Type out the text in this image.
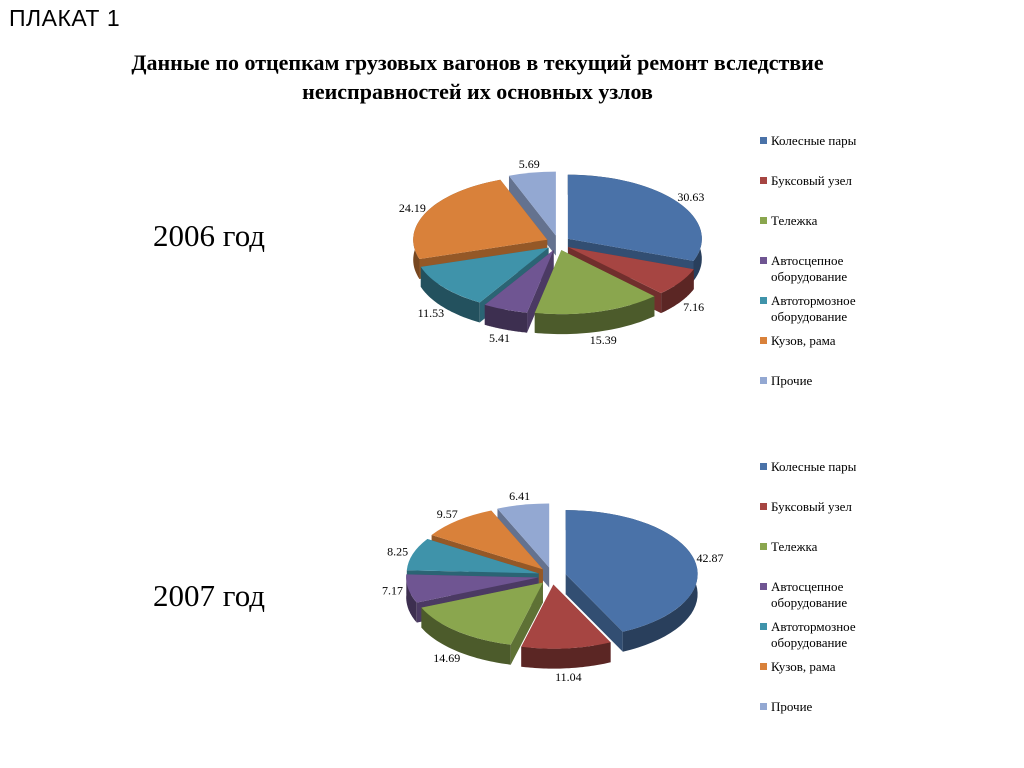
ПЛАКАТ 1
Данные по отцепкам грузовых вагонов в текущий ремонт вследствие
неисправностей их основных узлов
2006 год
2007 год
30.63
7.16
15.39
5.41
11.53
24.19
5.69
42.87
11.04
14.69
7.17
8.25
9.57
6.41
Колесные пары
Буксовый узел
Тележка
Автосцепное
оборудование
Автотормозное
оборудование
Кузов, рама
Прочие
Колесные пары
Буксовый узел
Тележка
Автосцепное
оборудование
Автотормозное
оборудование
Кузов, рама
Прочие
